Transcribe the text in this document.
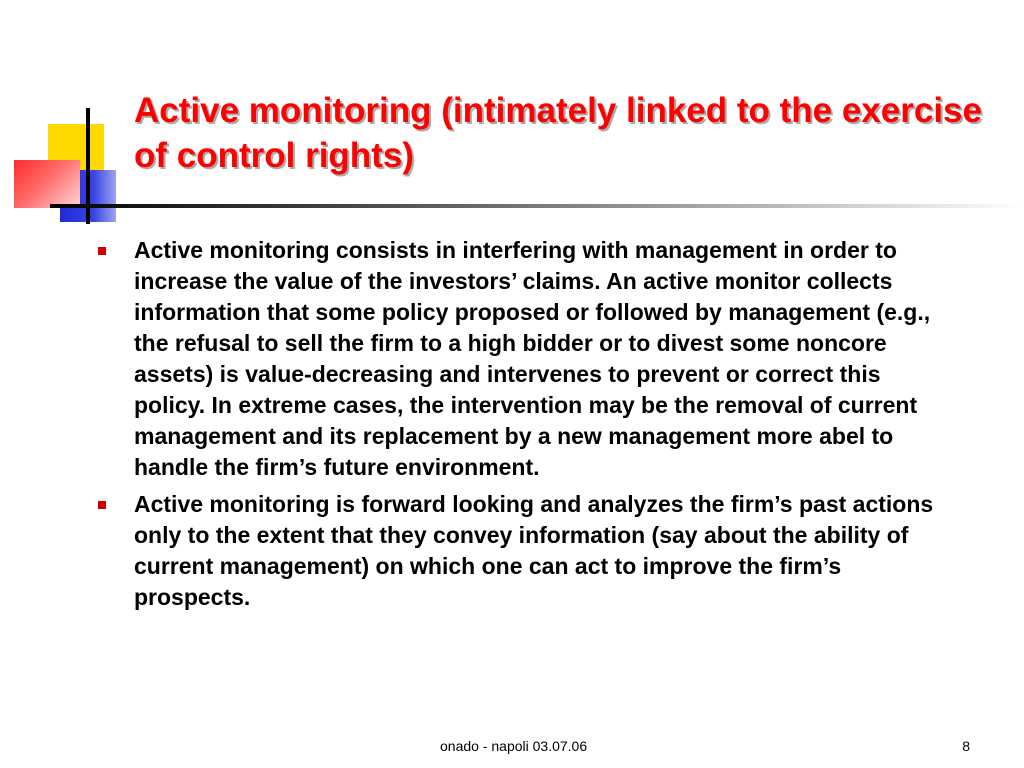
Active monitoring (intimately linked to the exercise of control rights)
Active monitoring consists in interfering with management in order to increase the value of the investors’ claims. An active monitor collects information that some policy proposed or followed by management (e.g., the refusal to sell the firm to a high bidder or to divest some noncore assets) is value-decreasing and intervenes to prevent or correct this policy. In extreme cases, the intervention may be the removal of current management and its replacement by a new management more abel to handle the firm’s future environment.
Active monitoring is forward looking and analyzes the firm’s past actions only to the extent that they convey information (say about the ability of current management) on which one can act to improve the firm’s prospects.
onado - napoli 03.07.06	8
